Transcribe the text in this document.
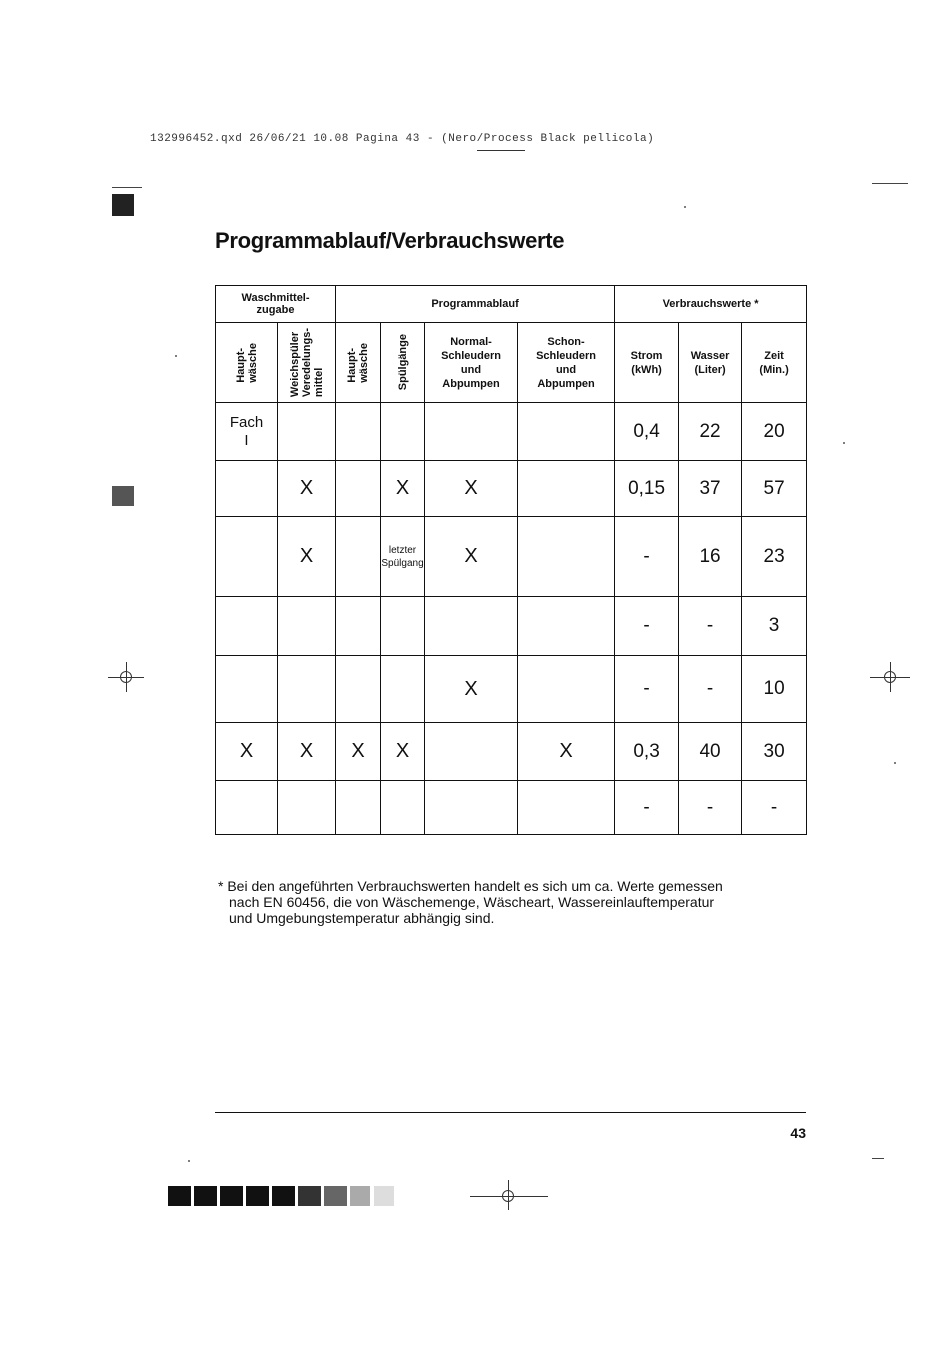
132996452.qxd 26/06/21 10.08 Pagina 43 - (Nero/Process Black pellicola)
Programmablauf/Verbrauchswerte
Waschmittel-
zugabe		Programmablauf				Verbrauchswerte *		

Haupt-
wäsche	Weichspüler
Veredelungs-
mittel	Haupt-
wäsche	Spülgänge	Normal-
Schleudern
und
Abpumpen	Schon-
Schleudern
und
Abpumpen	Strom
(kWh)	Wasser
(Liter)	Zeit
(Min.)
Fach
I						0,4	22	20
	X		X	X		0,15	37	57
	X		letzter
Spülgang	X		-	16	23
						-	-	3
				X		-	-	10
X	X	X	X		X	0,3	40	30
						-	-	-
* Bei den angeführten Verbrauchswerten handelt es sich um ca. Werte gemessen
nach EN 60456, die von Wäschemenge, Wäscheart, Wassereinlauftemperatur
und Umgebungstemperatur abhängig sind.
43
